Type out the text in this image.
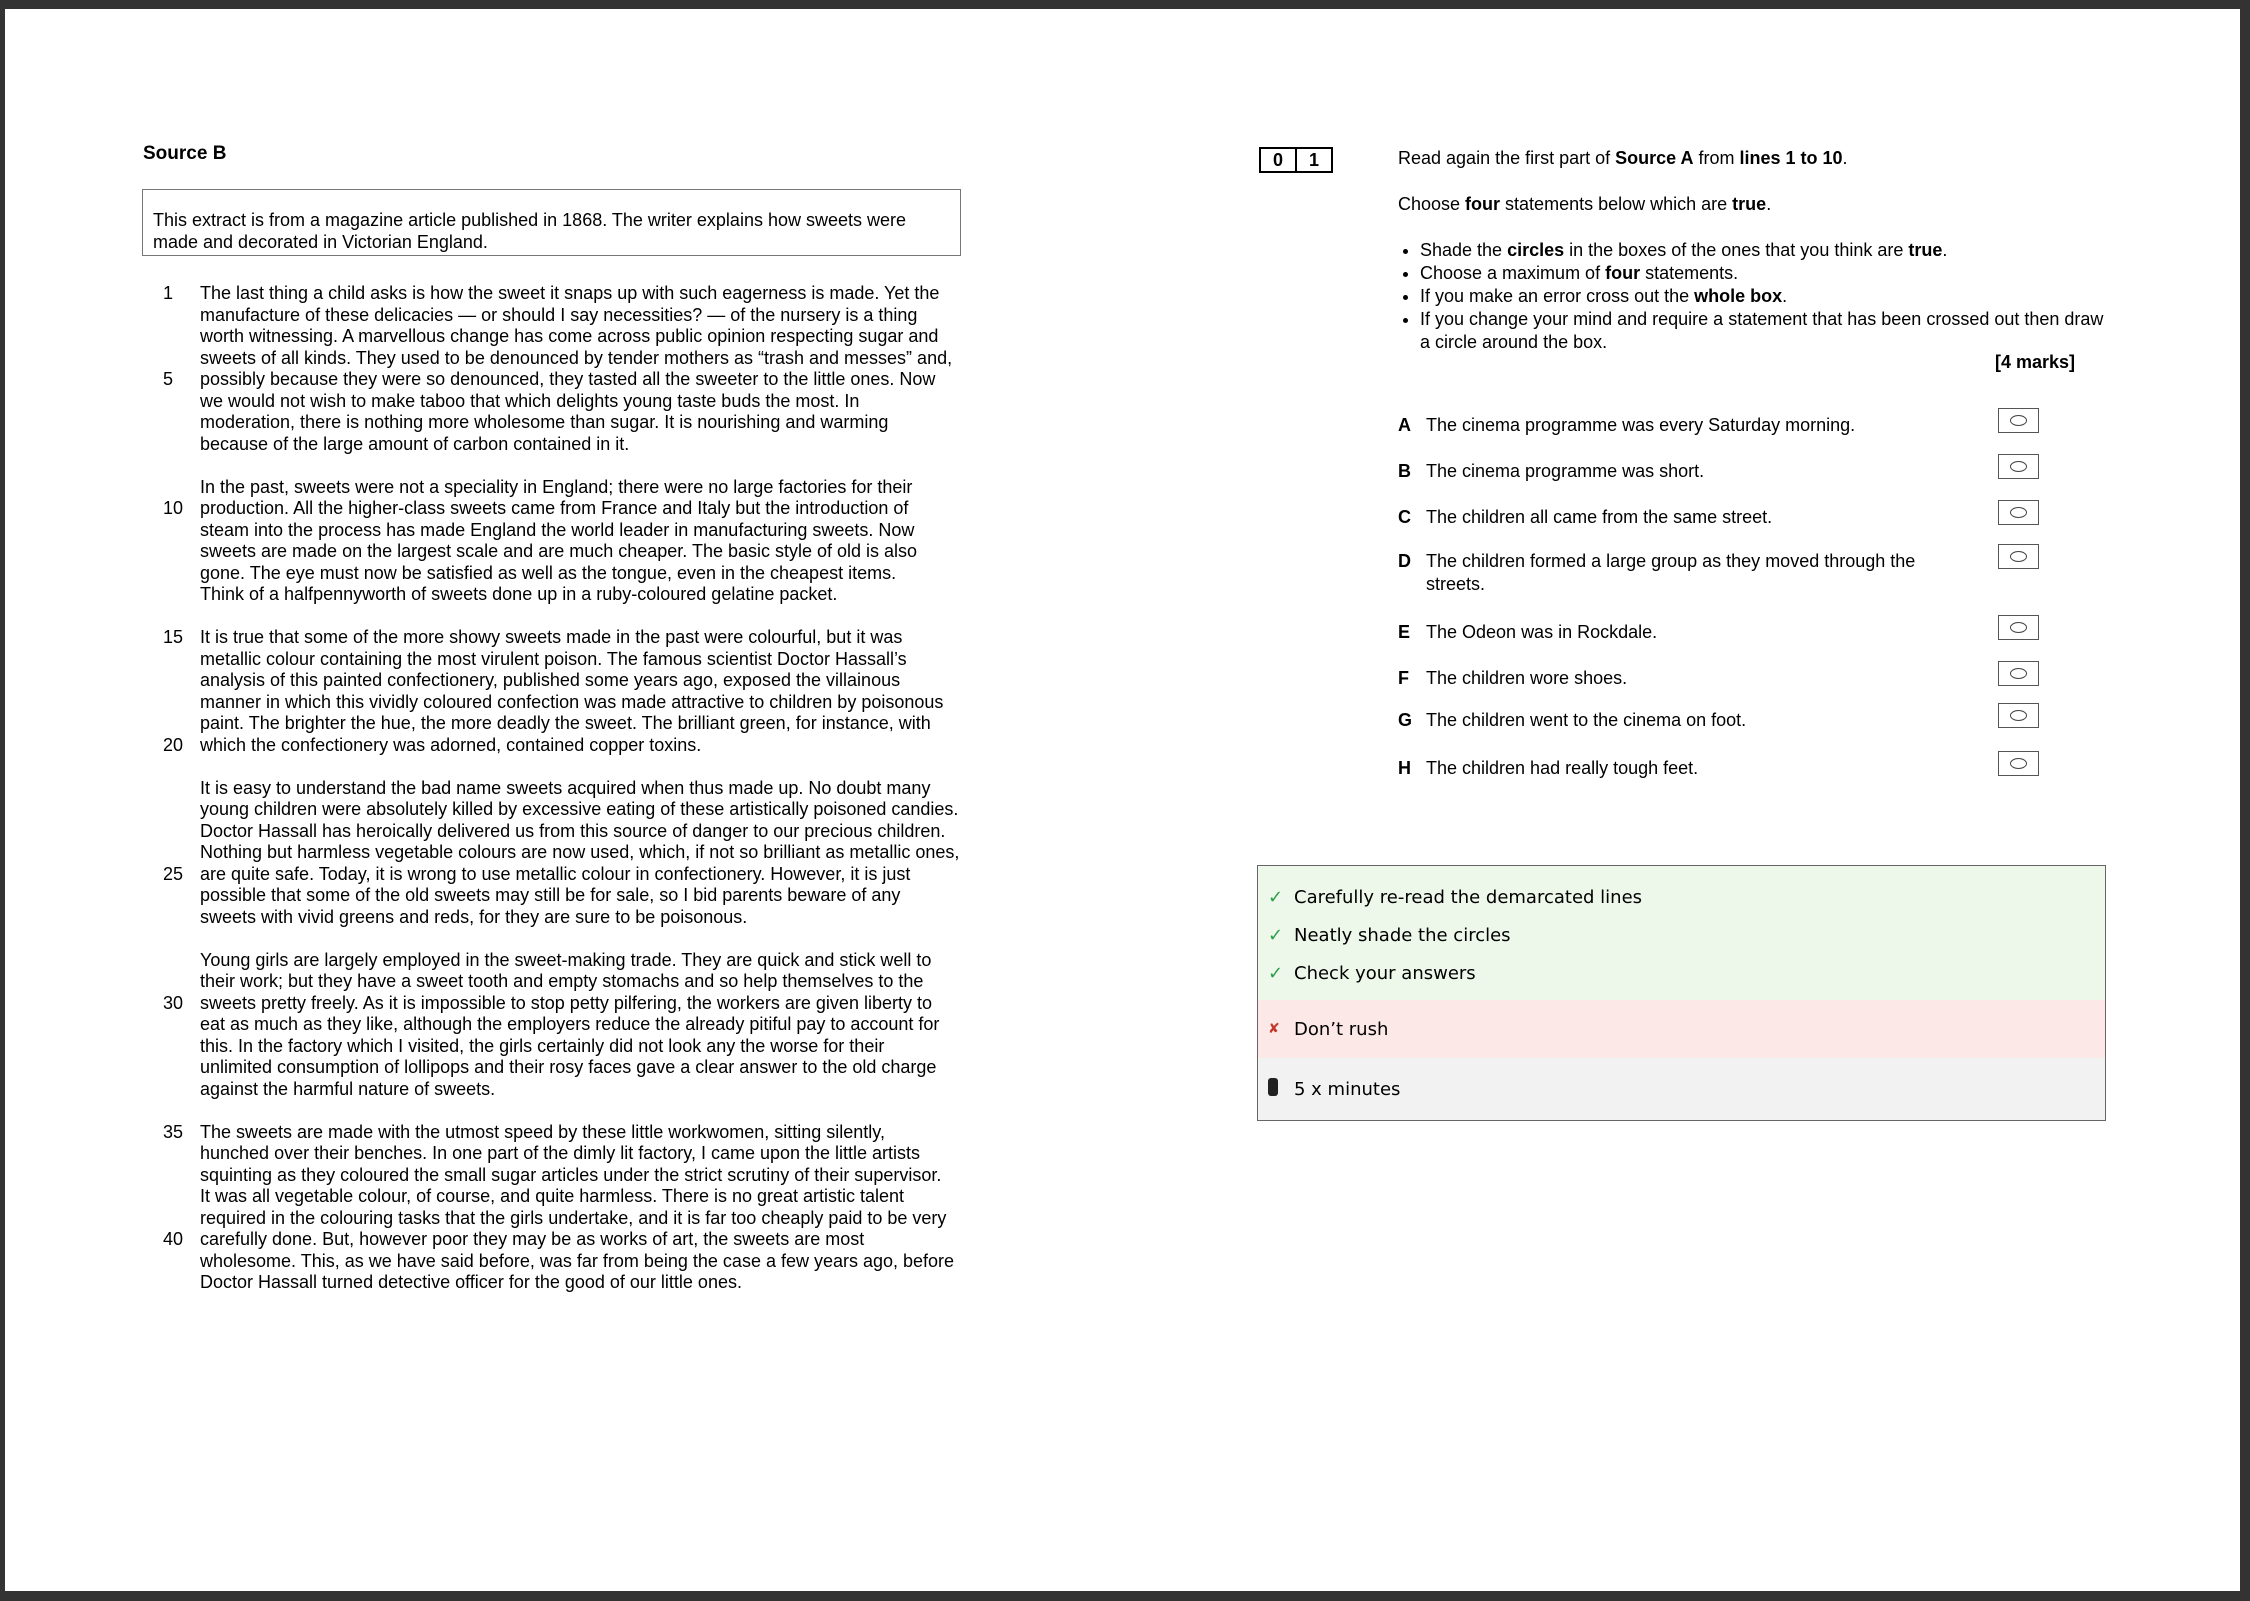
Source B
This extract is from a magazine article published in 1868. The writer explains how sweets were made and decorated in Victorian England.
1	The last thing a child asks is how the sweet it snaps up with such eagerness is made. Yet the
manufacture of these delicacies — or should I say necessities? — of the nursery is a thing
worth witnessing. A marvellous change has come across public opinion respecting sugar and
sweets of all kinds. They used to be denounced by tender mothers as “trash and messes” and,
5	possibly because they were so denounced, they tasted all the sweeter to the little ones. Now
we would not wish to make taboo that which delights young taste buds the most. In
moderation, there is nothing more wholesome than sugar. It is nourishing and warming
because of the large amount of carbon contained in it.
In the past, sweets were not a speciality in England; there were no large factories for their
10 production. All the higher-class sweets came from France and Italy but the introduction of
steam into the process has made England the world leader in manufacturing sweets. Now
sweets are made on the largest scale and are much cheaper. The basic style of old is also
gone. The eye must now be satisfied as well as the tongue, even in the cheapest items.
Think of a halfpennyworth of sweets done up in a ruby-coloured gelatine packet.
15 It is true that some of the more showy sweets made in the past were colourful, but it was
metallic colour containing the most virulent poison. The famous scientist Doctor Hassall’s
analysis of this painted confectionery, published some years ago, exposed the villainous
manner in which this vividly coloured confection was made attractive to children by poisonous
paint. The brighter the hue, the more deadly the sweet. The brilliant green, for instance, with
20 which the confectionery was adorned, contained copper toxins.
It is easy to understand the bad name sweets acquired when thus made up. No doubt many
young children were absolutely killed by excessive eating of these artistically poisoned candies.
Doctor Hassall has heroically delivered us from this source of danger to our precious children.
Nothing but harmless vegetable colours are now used, which, if not so brilliant as metallic ones,
25 are quite safe. Today, it is wrong to use metallic colour in confectionery. However, it is just
possible that some of the old sweets may still be for sale, so I bid parents beware of any
sweets with vivid greens and reds, for they are sure to be poisonous.
Young girls are largely employed in the sweet-making trade. They are quick and stick well to
their work; but they have a sweet tooth and empty stomachs and so help themselves to the
30 sweets pretty freely. As it is impossible to stop petty pilfering, the workers are given liberty to
eat as much as they like, although the employers reduce the already pitiful pay to account for
this. In the factory which I visited, the girls certainly did not look any the worse for their
unlimited consumption of lollipops and their rosy faces gave a clear answer to the old charge
against the harmful nature of sweets.
35 The sweets are made with the utmost speed by these little workwomen, sitting silently,
hunched over their benches. In one part of the dimly lit factory, I came upon the little artists
squinting as they coloured the small sugar articles under the strict scrutiny of their supervisor.
It was all vegetable colour, of course, and quite harmless. There is no great artistic talent
required in the colouring tasks that the girls undertake, and it is far too cheaply paid to be very
40 carefully done. But, however poor they may be as works of art, the sweets are most
wholesome. This, as we have said before, was far from being the case a few years ago, before
Doctor Hassall turned detective officer for the good of our little ones.
0	1	Read again the first part of Source A from lines 1 to 10.

Choose four statements below which are true.

• Shade the circles in the boxes of the ones that you think are true.
• Choose a maximum of four statements.
• If you make an error cross out the whole box.
• If you change your mind and require a statement that has been crossed out then draw a circle around the box.
[4 marks]
A The cinema programme was every Saturday morning.
B The cinema programme was short.
C The children all came from the same street.
D The children formed a large group as they moved through the streets.
E The Odeon was in Rockdale.
F The children wore shoes.
G The children went to the cinema on foot.
H The children had really tough feet.
✓ Carefully re-read the demarcated lines
✓ Neatly shade the circles
✓ Check your answers
✘ Don’t rush
5 x minutes
